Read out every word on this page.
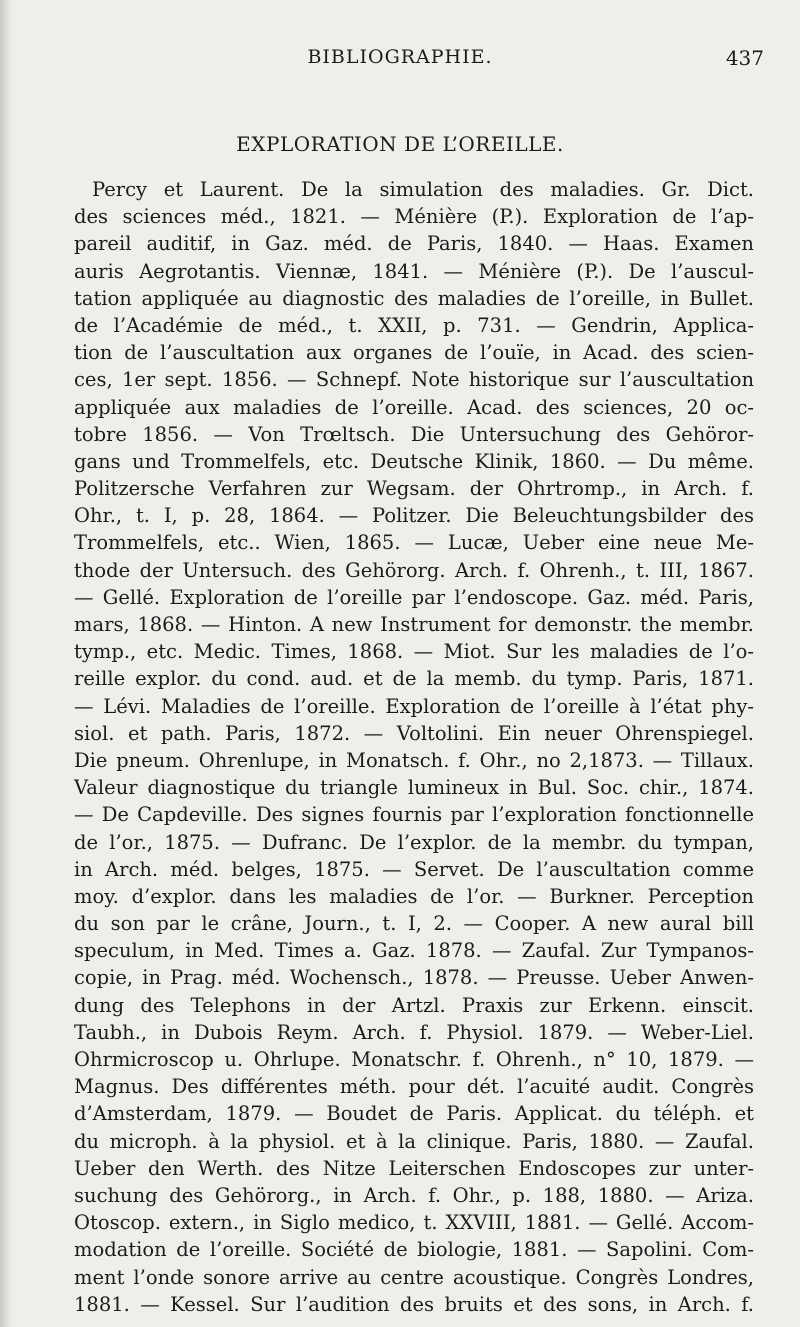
BIBLIOGRAPHIE.	437
EXPLORATION DE L’OREILLE.
Percy et Laurent. De la simulation des maladies. Gr. Dict.
des sciences méd., 1821. — Ménière (P.). Exploration de l’ap-
pareil auditif, in Gaz. méd. de Paris, 1840. — Haas. Examen
auris Aegrotantis. Viennæ, 1841. — Ménière (P.). De l’auscul-
tation appliquée au diagnostic des maladies de l’oreille, in Bullet.
de l’Académie de méd., t. XXII, p. 731. — Gendrin, Applica-
tion de l’auscultation aux organes de l’ouïe, in Acad. des scien-
ces, 1er sept. 1856. — Schnepf. Note historique sur l’auscultation
appliquée aux maladies de l’oreille. Acad. des sciences, 20 oc-
tobre 1856. — Von Trœltsch. Die Untersuchung des Gehöror-
gans und Trommelfels, etc. Deutsche Klinik, 1860. — Du même.
Politzersche Verfahren zur Wegsam. der Ohrtromp., in Arch. f.
Ohr., t. I, p. 28, 1864. — Politzer. Die Beleuchtungsbilder des
Trommelfels, etc.. Wien, 1865. — Lucæ, Ueber eine neue Me-
thode der Untersuch. des Gehörorg. Arch. f. Ohrenh., t. III, 1867.
— Gellé. Exploration de l’oreille par l’endoscope. Gaz. méd. Paris,
mars, 1868. — Hinton. A new Instrument for demonstr. the membr.
tymp., etc. Medic. Times, 1868. — Miot. Sur les maladies de l’o-
reille explor. du cond. aud. et de la memb. du tymp. Paris, 1871.
— Lévi. Maladies de l’oreille. Exploration de l’oreille à l’état phy-
siol. et path. Paris, 1872. — Voltolini. Ein neuer Ohrenspiegel.
Die pneum. Ohrenlupe, in Monatsch. f. Ohr., no 2,1873. — Tillaux.
Valeur diagnostique du triangle lumineux in Bul. Soc. chir., 1874.
— De Capdeville. Des signes fournis par l’exploration fonctionnelle
de l’or., 1875. — Dufranc. De l’explor. de la membr. du tympan,
in Arch. méd. belges, 1875. — Servet. De l’auscultation comme
moy. d’explor. dans les maladies de l’or. — Burkner. Perception
du son par le crâne, Journ., t. I, 2. — Cooper. A new aural bill
speculum, in Med. Times a. Gaz. 1878. — Zaufal. Zur Tympanos-
copie, in Prag. méd. Wochensch., 1878. — Preusse. Ueber Anwen-
dung des Telephons in der Artzl. Praxis zur Erkenn. einscit.
Taubh., in Dubois Reym. Arch. f. Physiol. 1879. — Weber-Liel.
Ohrmicroscop u. Ohrlupe. Monatschr. f. Ohrenh., n° 10, 1879. —
Magnus. Des différentes méth. pour dét. l’acuité audit. Congrès
d’Amsterdam, 1879. — Boudet de Paris. Applicat. du téléph. et
du microph. à la physiol. et à la clinique. Paris, 1880. — Zaufal.
Ueber den Werth. des Nitze Leiterschen Endoscopes zur unter-
suchung des Gehörorg., in Arch. f. Ohr., p. 188, 1880. — Ariza.
Otoscop. extern., in Siglo medico, t. XXVIII, 1881. — Gellé. Accom-
modation de l’oreille. Société de biologie, 1881. — Sapolini. Com-
ment l’onde sonore arrive au centre acoustique. Congrès Londres,
1881. — Kessel. Sur l’audition des bruits et des sons, in Arch. f.
